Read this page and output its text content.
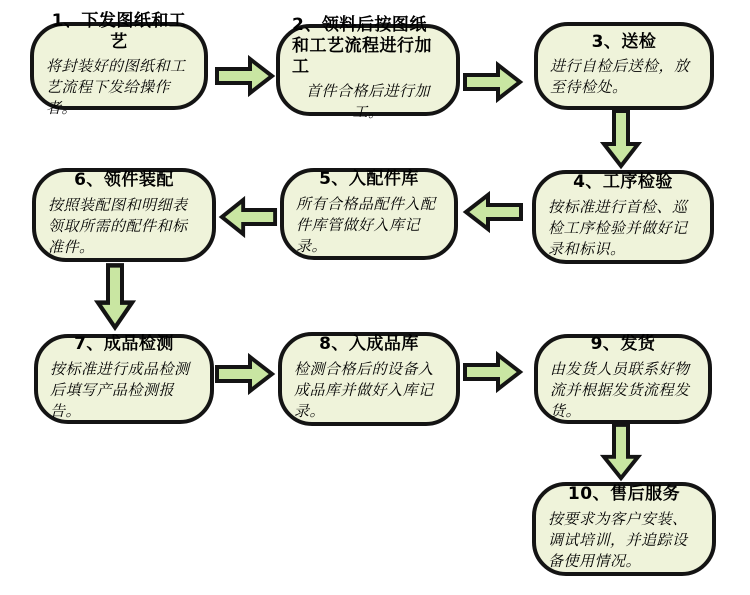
1、下发图纸和工艺
将封装好的图纸和工艺流程下发给操作者。
2、领料后按图纸和工艺流程进行加工
首件合格后进行加工。
3、送检
进行自检后送检，放至待检处。
4、工序检验
按标准进行首检、巡检工序检验并做好记录和标识。
5、入配件库
所有合格品配件入配件库管做好入库记录。
6、领件装配
按照装配图和明细表领取所需的配件和标准件。
7、成品检测
按标准进行成品检测后填写产品检测报告。
8、入成品库
检测合格后的设备入成品库并做好入库记录。
9、发货
由发货人员联系好物流并根据发货流程发货。
10、售后服务
按要求为客户安装、调试培训，并追踪设备使用情况。
